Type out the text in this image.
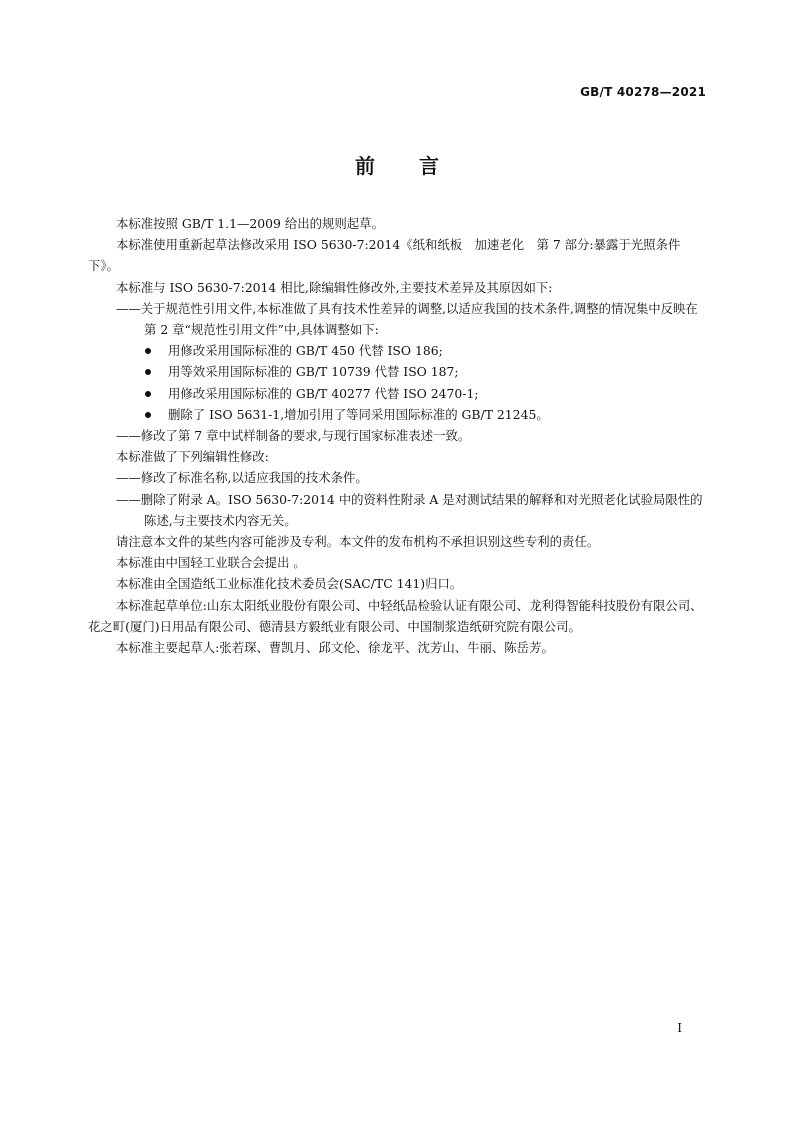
GB/T 40278—2021
前 言

本标准按照 GB/T 1.1—2009 给出的规则起草。

本标准使用重新起草法修改采用 ISO 5630-7:2014《纸和纸板　加速老化　第 7 部分:暴露于光照条件下》。

本标准与 ISO 5630-7:2014 相比,除编辑性修改外,主要技术差异及其原因如下:

——关于规范性引用文件,本标准做了具有技术性差异的调整,以适应我国的技术条件,调整的情况集中反映在第 2 章“规范性引用文件”中,具体调整如下:

用修改采用国际标准的 GB/T 450 代替 ISO 186;

用等效采用国际标准的 GB/T 10739 代替 ISO 187;

用修改采用国际标准的 GB/T 40277 代替 ISO 2470-1;

删除了 ISO 5631-1,增加引用了等同采用国际标准的 GB/T 21245。

——修改了第 7 章中试样制备的要求,与现行国家标准表述一致。

本标准做了下列编辑性修改:

——修改了标准名称,以适应我国的技术条件。

——删除了附录 A。ISO 5630-7:2014 中的资料性附录 A 是对测试结果的解释和对光照老化试验局限性的陈述,与主要技术内容无关。

请注意本文件的某些内容可能涉及专利。本文件的发布机构不承担识别这些专利的责任。

本标准由中国轻工业联合会提出 。

本标准由全国造纸工业标准化技术委员会(SAC/TC 141)归口。

本标准起草单位:山东太阳纸业股份有限公司、中轻纸品检验认证有限公司、龙利得智能科技股份有限公司、花之町(厦门)日用品有限公司、德清县方毅纸业有限公司、中国制浆造纸研究院有限公司。

本标准主要起草人:张若琛、曹凯月、邱文伦、徐龙平、沈芳山、牛丽、陈岳芳。

I
